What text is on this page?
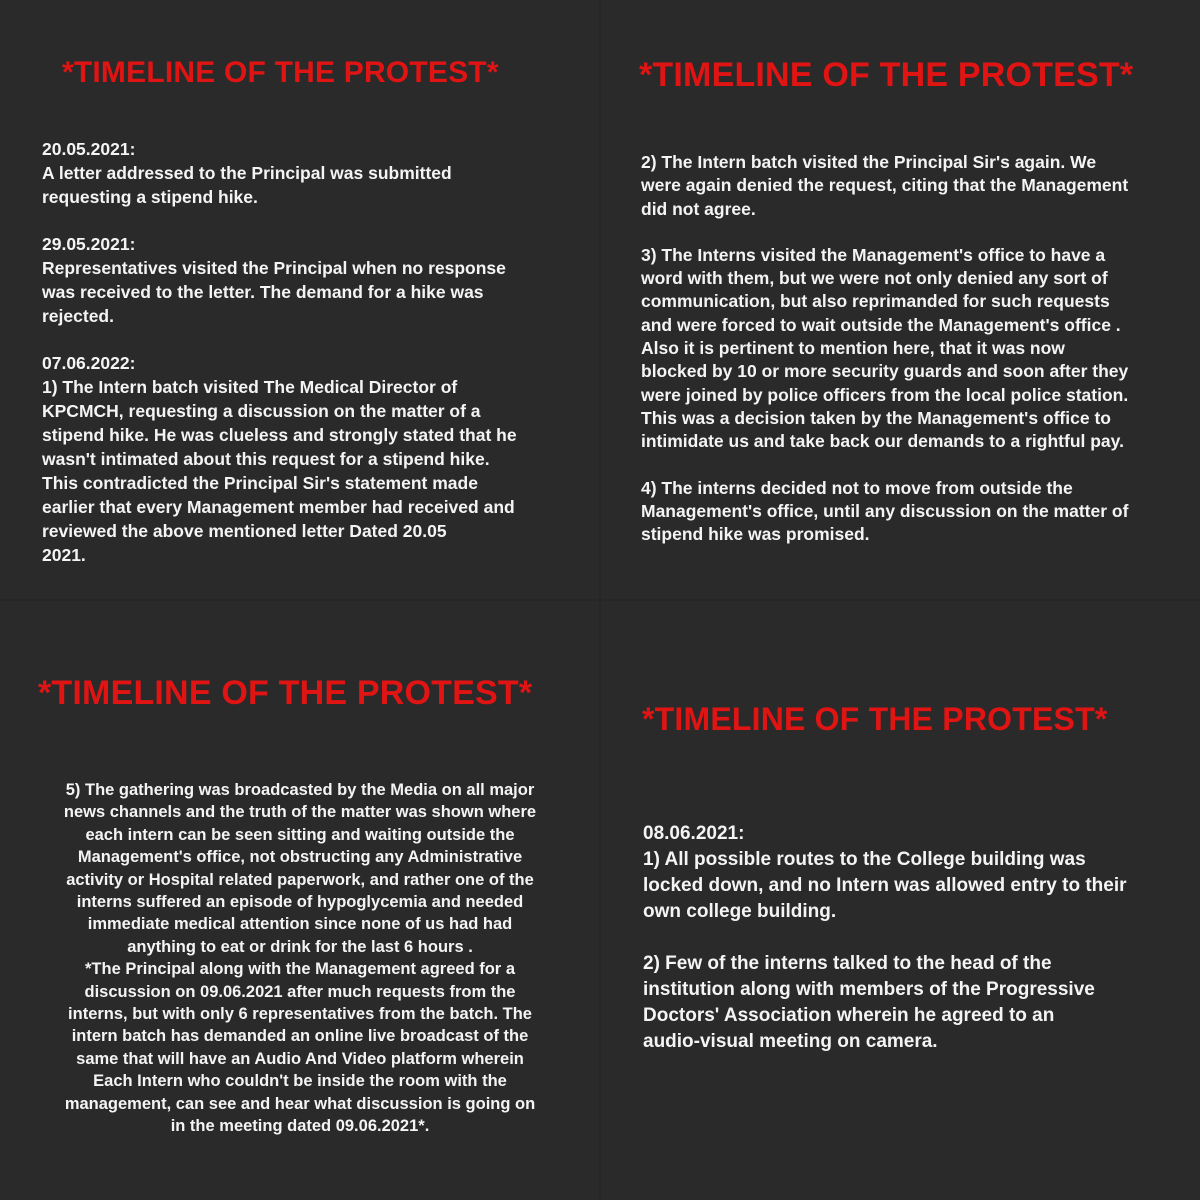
*TIMELINE OF THE PROTEST*

20.05.2021:
A letter addressed to the Principal was submitted
requesting a stipend hike.

29.05.2021:
Representatives visited the Principal when no response
was received to the letter. The demand for a hike was
rejected.

07.06.2022:
1) The Intern batch visited The Medical Director of
KPCMCH, requesting a discussion on the matter of a
stipend hike. He was clueless and strongly stated that he
wasn't intimated about this request for a stipend hike.
This contradicted the Principal Sir's statement made
earlier that every Management member had received and
reviewed the above mentioned letter Dated 20.05
2021.

*TIMELINE OF THE PROTEST*

2) The Intern batch visited the Principal Sir's again. We
were again denied the request, citing that the Management
did not agree.

3) The Interns visited the Management's office to have a
word with them, but we were not only denied any sort of
communication, but also reprimanded for such requests
and were forced to wait outside the Management's office .
Also it is pertinent to mention here, that it was now
blocked by 10 or more security guards and soon after they
were joined by police officers from the local police station.
This was a decision taken by the Management's office to
intimidate us and take back our demands to a rightful pay.

4) The interns decided not to move from outside the
Management's office, until any discussion on the matter of
stipend hike was promised.

*TIMELINE OF THE PROTEST*

5) The gathering was broadcasted by the Media on all major
news channels and the truth of the matter was shown where
each intern can be seen sitting and waiting outside the
Management's office, not obstructing any Administrative
activity or Hospital related paperwork, and rather one of the
interns suffered an episode of hypoglycemia and needed
immediate medical attention since none of us had had
anything to eat or drink for the last 6 hours .
*The Principal along with the Management agreed for a
discussion on 09.06.2021 after much requests from the
interns, but with only 6 representatives from the batch. The
intern batch has demanded an online live broadcast of the
same that will have an Audio And Video platform wherein
Each Intern who couldn't be inside the room with the
management, can see and hear what discussion is going on
in the meeting dated 09.06.2021*.

*TIMELINE OF THE PROTEST*

08.06.2021:
1) All possible routes to the College building was
locked down, and no Intern was allowed entry to their
own college building.

2) Few of the interns talked to the head of the
institution along with members of the Progressive
Doctors' Association wherein he agreed to an
audio-visual meeting on camera.
